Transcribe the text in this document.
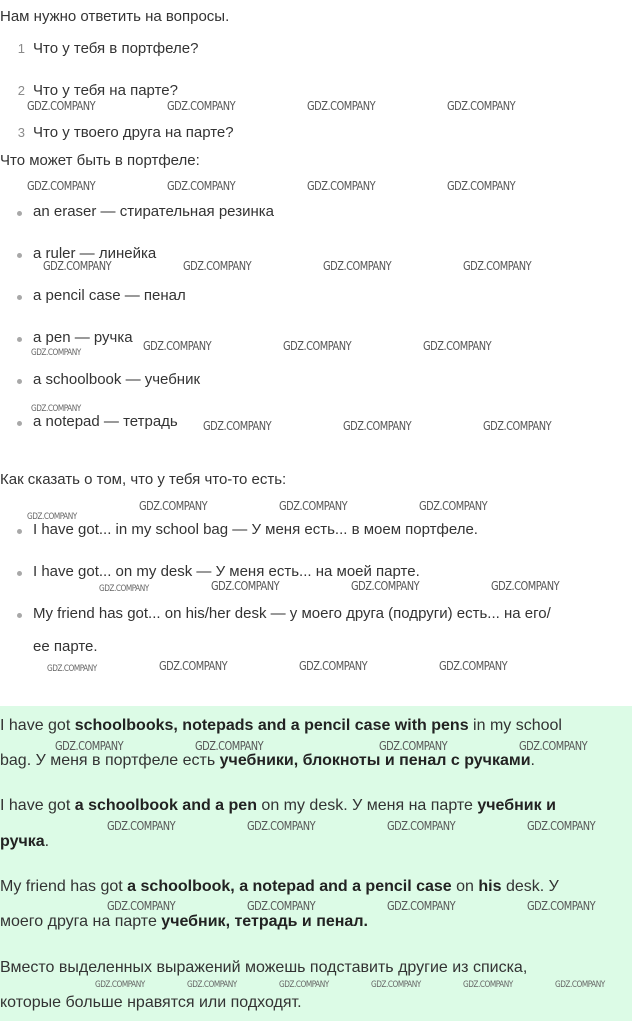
Нам нужно ответить на вопросы.

1 Что у тебя в портфеле?
2 Что у тебя на парте?
3 Что у твоего друга на парте?

Что может быть в портфеле:

an eraser — стирательная резинка
a ruler — линейка
a pencil case — пенал
a pen — ручка
a schoolbook — учебник
a notepad — тетрадь

Как сказать о том, что у тебя что-то есть:

I have got... in my school bag — У меня есть... в моем портфеле.
I have got... on my desk — У меня есть... на моей парте.
My friend has got... on his/her desk — у моего друга (подруги) есть... на его/
ее парте.
I have got schoolbooks, notepads and a pencil case with pens in my school
bag. У меня в портфеле есть учебники, блокноты и пенал с ручками.
I have got a schoolbook and a pen on my desk. У меня на парте учебник и
ручка.
My friend has got a schoolbook, a notepad and a pencil case on his desk. У
моего друга на парте учебник, тетрадь и пенал.
Вместо выделенных выражений можешь подставить другие из списка,
которые больше нравятся или подходят.
GDZ.COMPANY	GDZ.COMPANY	GDZ.COMPANY	GDZ.COMPANY
GDZ.COMPANY	GDZ.COMPANY	GDZ.COMPANY	GDZ.COMPANY
GDZ.COMPANY	GDZ.COMPANY	GDZ.COMPANY	GDZ.COMPANY
GDZ.COMPANY	GDZ.COMPANY	GDZ.COMPANY	GDZ.COMPANY
GDZ.COMPANY
GDZ.COMPANY	GDZ.COMPANY	GDZ.COMPANY
GDZ.COMPANY	GDZ.COMPANY	GDZ.COMPANY
GDZ.COMPANY
GDZ.COMPANY	GDZ.COMPANY	GDZ.COMPANY	GDZ.COMPANY
GDZ.COMPANY	GDZ.COMPANY	GDZ.COMPANY	GDZ.COMPANY
GDZ.COMPANY	GDZ.COMPANY	GDZ.COMPANY	GDZ.COMPANY
GDZ.COMPANY	GDZ.COMPANY	GDZ.COMPANY	GDZ.COMPANY
GDZ.COMPANY	GDZ.COMPANY	GDZ.COMPANY	GDZ.COMPANY
GDZ.COMPANY	GDZ.COMPANY	GDZ.COMPANY	GDZ.COMPANY	GDZ.COMPANY	GDZ.COMPANY
